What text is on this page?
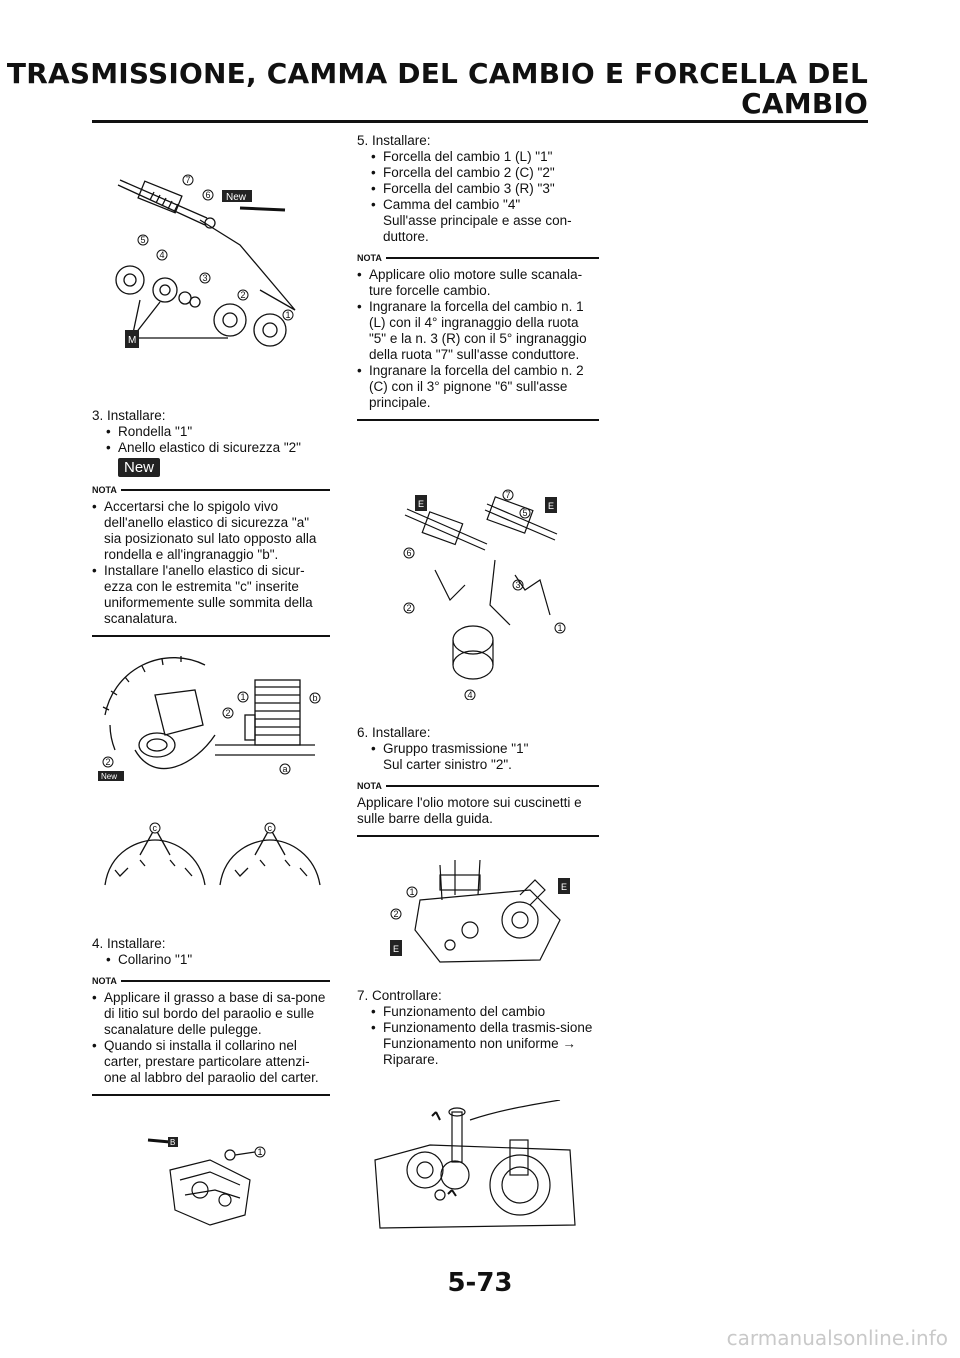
TRASMISSIONE, CAMMA DEL CAMBIO E FORCELLA DEL
CAMBIO
7
6
5
4
3
2
1
New
M
3. Installare:
• Rondella "1"
• Anello elastico di sicurezza "2"
New
NOTA
• Accertarsi che lo spigolo vivo dell'anello elastico di sicurezza "a" sia posizionato sul lato opposto alla rondella e all'ingranaggio "b".
• Installare l'anello elastico di sicur-ezza con le estremita "c" inserite uniformemente sulle sommita della scanalatura.
1
2
b
a
2
New
c	c
4. Installare:
• Collarino "1"
NOTA
• Applicare il grasso a base di sa-pone di litio sul bordo del paraolio e sulle scanalature delle pulegge.
• Quando si installa il collarino nel carter, prestare particolare attenzi-one al labbro del paraolio del carter.
B
1
5. Installare:
• Forcella del cambio 1 (L) "1"
• Forcella del cambio 2 (C) "2"
• Forcella del cambio 3 (R) "3"
• Camma del cambio "4"
Sull'asse principale e asse con-duttore.
NOTA
• Applicare olio motore sulle scanala-ture forcelle cambio.
• Ingranare la forcella del cambio n. 1 (L) con il 4° ingranaggio della ruota "5" e la n. 3 (R) con il 5° ingranaggio della ruota "7" sull'asse conduttore.
• Ingranare la forcella del cambio n. 2 (C) con il 3° pignone "6" sull'asse principale.
7
5
6
3
2
1
4
E	E
6. Installare:
• Gruppo trasmissione "1"
Sul carter sinistro "2".
NOTA
Applicare l'olio motore sui cuscinetti e sulle barre della guida.
1
2
E
E
7. Controllare:
• Funzionamento del cambio
• Funzionamento della trasmis-sione
Funzionamento non uniforme →
Riparare.
5-73
carmanualsonline.info
